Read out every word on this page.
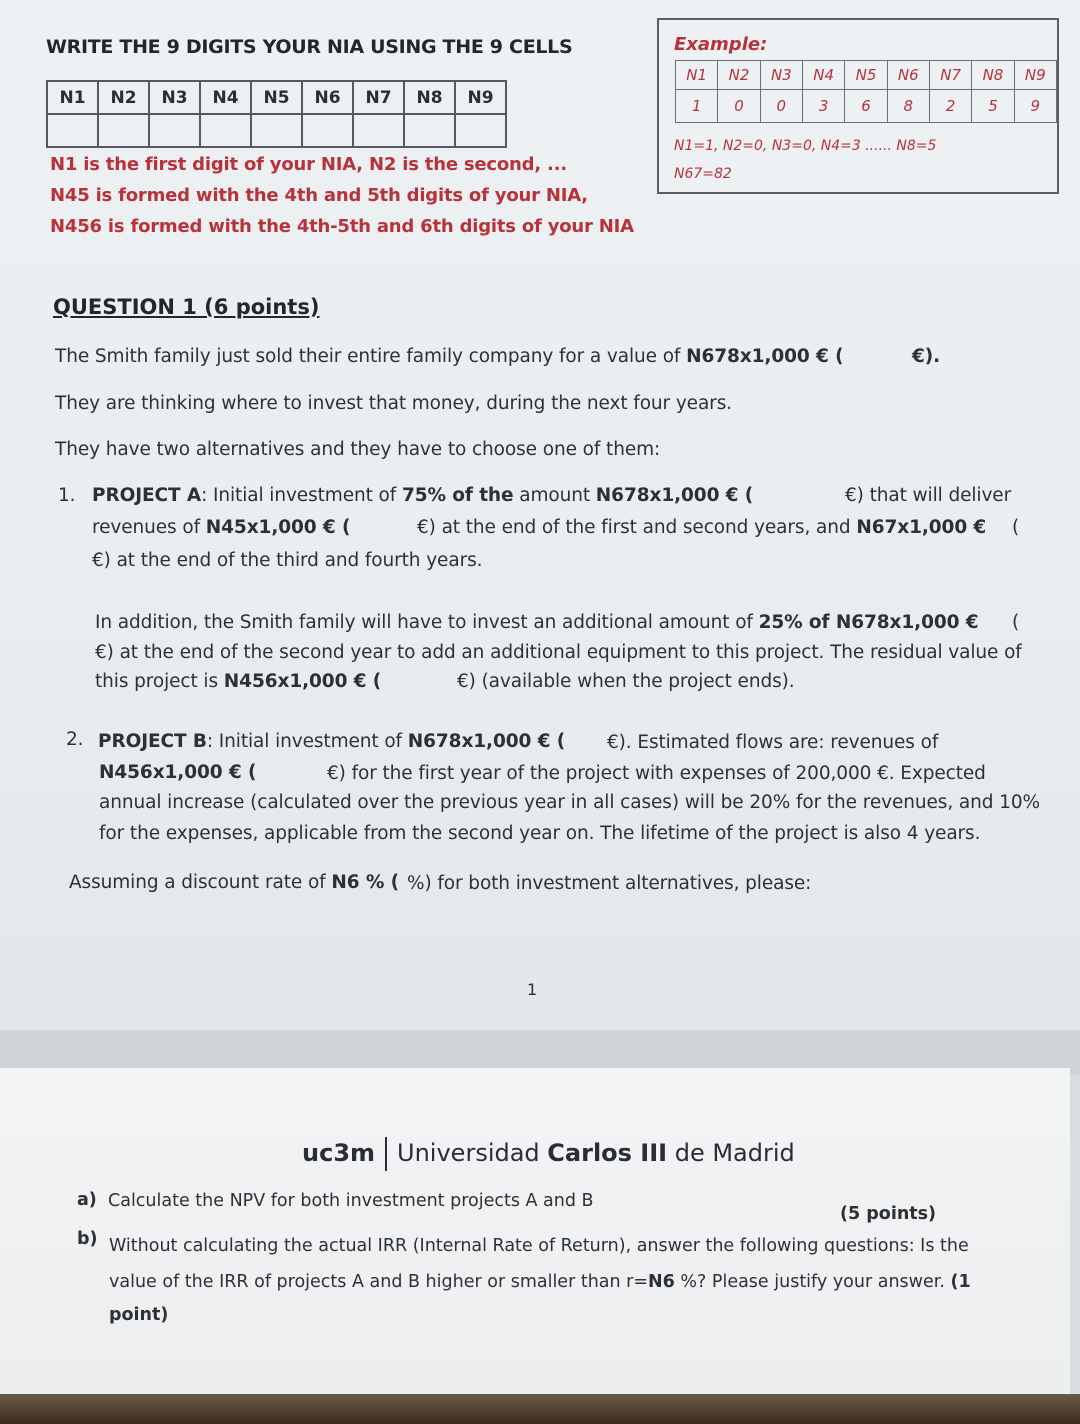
WRITE THE 9 DIGITS YOUR NIA USING THE 9 CELLS
N1	N2	N3	N4	N5	N6	N7	N8	N9

N1 is the first digit of your NIA, N2 is the second, ...
N45 is formed with the 4th and 5th digits of your NIA,
N456 is formed with the 4th-5th and 6th digits of your NIA
Example:
N1	N2	N3	N4	N5	N6	N7	N8	N9
1	0	0	3	6	8	2	5	9
N1=1, N2=0, N3=0, N4=3 ...... N8=5
N67=82
QUESTION 1 (6 points)
The Smith family just sold their entire family company for a value of N678x1,000 € (	€).
They are thinking where to invest that money, during the next four years.
They have two alternatives and they have to choose one of them:
1. PROJECT A: Initial investment of 75% of the amount N678x1,000 € (	€) that will deliver
revenues of N45x1,000 € (	€) at the end of the first and second years, and N67x1,000 € (
€) at the end of the third and fourth years.
In addition, the Smith family will have to invest an additional amount of 25% of N678x1,000 € (
€) at the end of the second year to add an additional equipment to this project. The residual value of
this project is N456x1,000 € (	€) (available when the project ends).
2. PROJECT B: Initial investment of N678x1,000 € ( €). Estimated flows are: revenues of
N456x1,000 € (	€) for the first year of the project with expenses of 200,000 €. Expected
annual increase (calculated over the previous year in all cases) will be 20% for the revenues, and 10%
for the expenses, applicable from the second year on. The lifetime of the project is also 4 years.
Assuming a discount rate of N6 % ( %) for both investment alternatives, please:
1
uc3m Universidad Carlos III de Madrid
a) Calculate the NPV for both investment projects A and B
(5 points)
b) Without calculating the actual IRR (Internal Rate of Return), answer the following questions: Is the
value of the IRR of projects A and B higher or smaller than r=N6 %? Please justify your answer. (1
point)
